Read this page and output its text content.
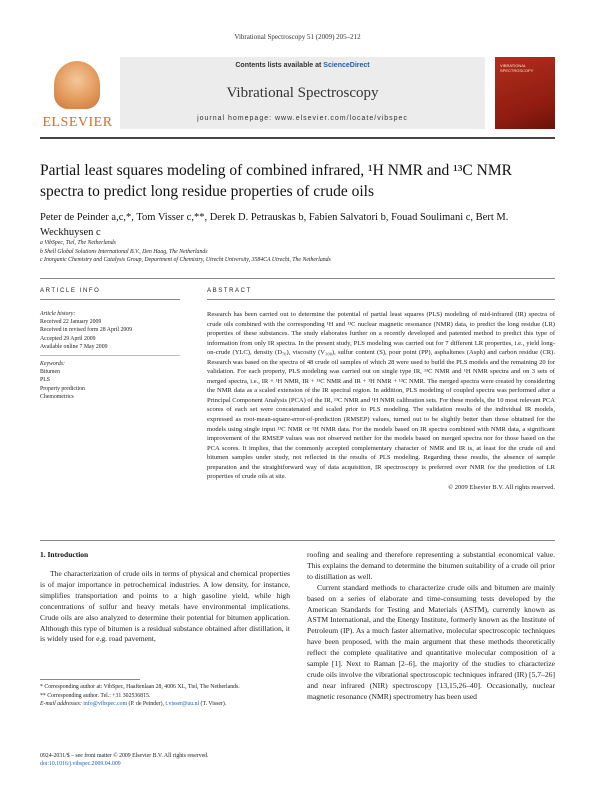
Vibrational Spectroscopy 51 (2009) 205–212
ELSEVIER
Contents lists available at ScienceDirect
Vibrational Spectroscopy
journal homepage: www.elsevier.com/locate/vibspec
VIBRATIONAL SPECTROSCOPY
Partial least squares modeling of combined infrared, ¹H NMR and ¹³C NMR spectra to predict long residue properties of crude oils
Peter de Peinder a,c,*, Tom Visser c,**, Derek D. Petrauskas b, Fabien Salvatori b, Fouad Soulimani c, Bert M. Weckhuysen c
a VibSpec, Tiel, The Netherlands
b Shell Global Solutions International B.V., Den Haag, The Netherlands
c Inorganic Chemistry and Catalysis Group, Department of Chemistry, Utrecht University, 3584CA Utrecht, The Netherlands
ARTICLE INFO
Article history:
Received 22 January 2009
Received in revised form 28 April 2009
Accepted 29 April 2009
Available online 7 May 2009
Keywords:
Bitumen
PLS
Property prediction
Chemometrics
ABSTRACT
Research has been carried out to determine the potential of partial least squares (PLS) modeling of mid-infrared (IR) spectra of crude oils combined with the corresponding ¹H and ¹³C nuclear magnetic resonance (NMR) data, to predict the long residue (LR) properties of these substances. The study elaborates further on a recently developed and patented method to predict this type of information from only IR spectra. In the present study, PLS modeling was carried out for 7 different LR properties, i.e., yield long-on-crude (YLC), density (D₇₀), viscosity (V₁₀₀), sulfur content (S), pour point (PP), asphaltenes (Asph) and carbon residue (CR). Research was based on the spectra of 48 crude oil samples of which 28 were used to build the PLS models and the remaining 20 for validation. For each property, PLS modeling was carried out on single type IR, ¹³C NMR and ¹H NMR spectra and on 3 sets of merged spectra, i.e., IR + ¹H NMR, IR + ¹³C NMR and IR + ¹H NMR + ¹³C NMR. The merged spectra were created by considering the NMR data as a scaled extension of the IR spectral region. In addition, PLS modeling of coupled spectra was performed after a Principal Component Analysis (PCA) of the IR, ¹³C NMR and ¹H NMR calibration sets. For these models, the 10 most relevant PCA scores of each set were concatenated and scaled prior to PLS modeling. The validation results of the individual IR models, expressed as root-mean-square-error-of-prediction (RMSEP) values, turned out to be slightly better than those obtained for the models using single input ¹³C NMR or ¹H NMR data. For the models based on IR spectra combined with NMR data, a significant improvement of the RMSEP values was not observed neither for the models based on merged spectra nor for those based on the PCA scores. It implies, that the commonly accepted complementary character of NMR and IR is, at least for the crude oil and bitumen samples under study, not reflected in the results of PLS modeling. Regarding these results, the absence of sample preparation and the straightforward way of data acquisition, IR spectroscopy is preferred over NMR for the prediction of LR properties of crude oils at site.
© 2009 Elsevier B.V. All rights reserved.
1. Introduction
The characterization of crude oils in terms of physical and chemical properties is of major importance in petrochemical industries. A low density, for instance, simplifies transportation and points to a high gasoline yield, while high concentrations of sulfur and heavy metals have environmental implications. Crude oils are also analyzed to determine their potential for bitumen application. Although this type of bitumen is a residual substance obtained after distillation, it is widely used for e.g. road pavement,
roofing and sealing and therefore representing a substantial economical value. This explains the demand to determine the bitumen suitability of a crude oil prior to distillation as well.
Current standard methods to characterize crude oils and bitumen are mainly based on a series of elaborate and time-consuming tests developed by the American Standards for Testing and Materials (ASTM), currently known as ASTM International, and the Energy Institute, formerly known as the Institute of Petroleum (IP). As a much faster alternative, molecular spectroscopic techniques have been proposed, with the main argument that these methods theoretically reflect the complete qualitative and quantitative molecular composition of a sample [1]. Next to Raman [2–6], the majority of the studies to characterize crude oils involve the vibrational spectroscopic techniques infrared (IR) [5,7–26] and near infrared (NIR) spectroscopy [13,15,26–40]. Occasionally, nuclear magnetic resonance (NMR) spectrometry has been used
* Corresponding author at: VibSpec, Haaftenlaan 28, 4006 XL, Tiel, The Netherlands.
** Corresponding author. Tel.: +31 302536815.
E-mail addresses: info@vibspec.com (P. de Peinder), t.visser@uu.nl (T. Visser).
0924-2031/$ – see front matter © 2009 Elsevier B.V. All rights reserved.
doi:10.1016/j.vibspec.2009.04.009
